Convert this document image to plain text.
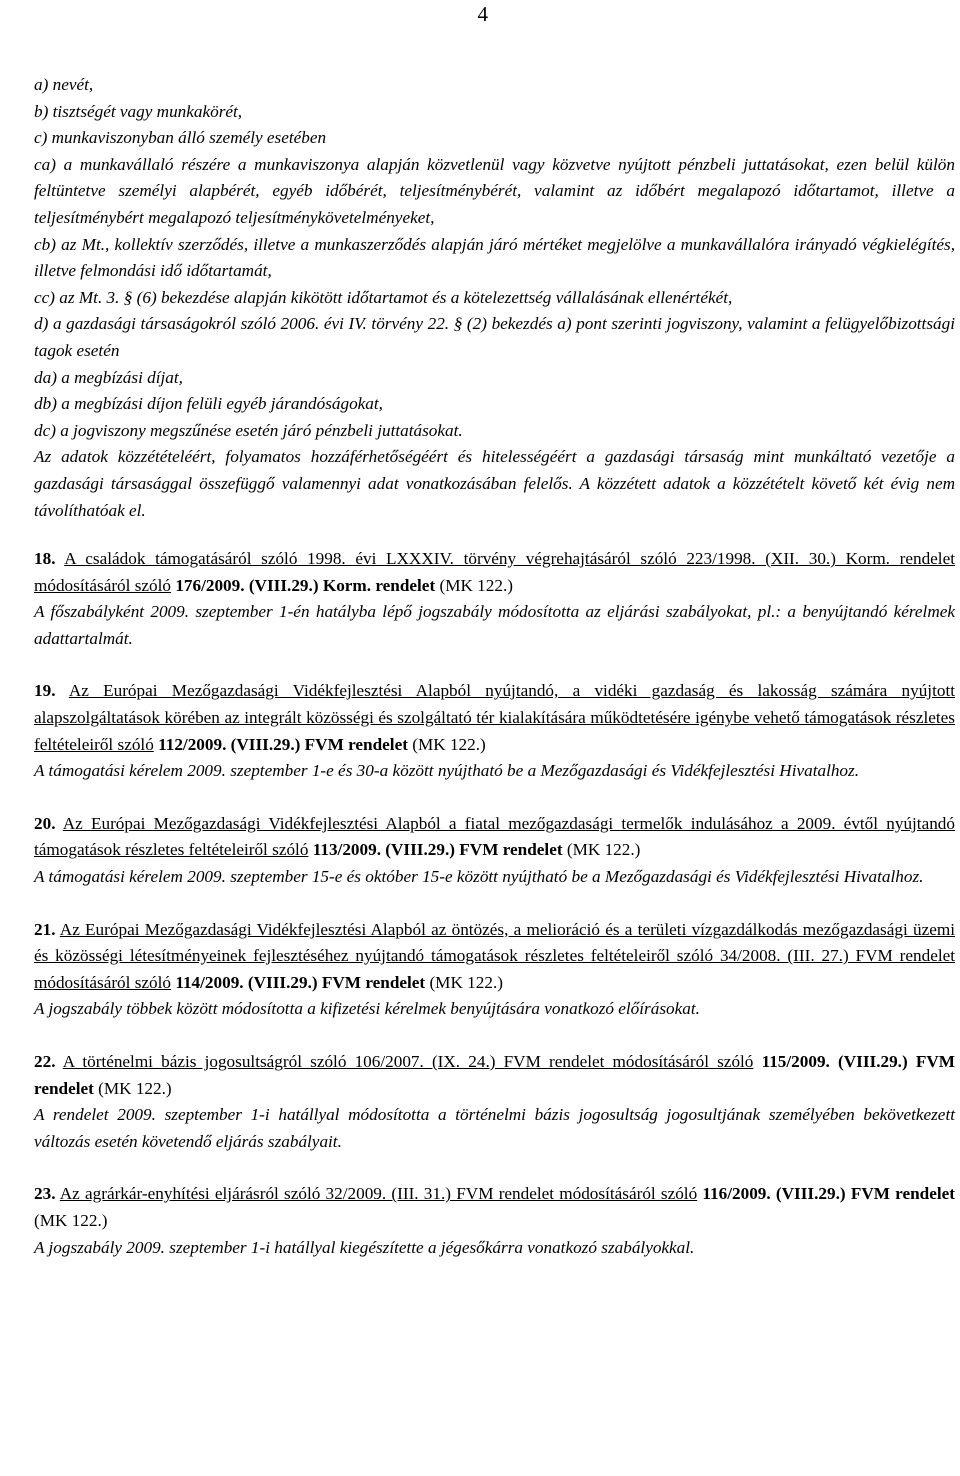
4

a) nevét,

b) tisztségét vagy munkakörét,

c) munkaviszonyban álló személy esetében

ca) a munkavállaló részére a munkaviszonya alapján közvetlenül vagy közvetve nyújtott pénzbeli juttatásokat, ezen belül külön feltüntetve személyi alapbérét, egyéb időbérét, teljesítménybérét, valamint az időbért megalapozó időtartamot, illetve a teljesítménybért megalapozó teljesítménykövetelményeket,

cb) az Mt., kollektív szerződés, illetve a munkaszerződés alapján járó mértéket megjelölve a munkavállalóra irányadó végkielégítés, illetve felmondási idő időtartamát,

cc) az Mt. 3. § (6) bekezdése alapján kikötött időtartamot és a kötelezettség vállalásának ellenértékét,

d) a gazdasági társaságokról szóló 2006. évi IV. törvény 22. § (2) bekezdés a) pont szerinti jogviszony, valamint a felügyelőbizottsági tagok esetén

da) a megbízási díjat,

db) a megbízási díjon felüli egyéb járandóságokat,

dc) a jogviszony megszűnése esetén járó pénzbeli juttatásokat.

Az adatok közzétételéért, folyamatos hozzáférhetőségéért és hitelességéért a gazdasági társaság mint munkáltató vezetője a gazdasági társasággal összefüggő valamennyi adat vonatkozásában felelős. A közzétett adatok a közzétételt követő két évig nem távolíthatóak el.

18. A családok támogatásáról szóló 1998. évi LXXXIV. törvény végrehajtásáról szóló 223/1998. (XII. 30.) Korm. rendelet módosításáról szóló 176/2009. (VIII.29.) Korm. rendelet (MK 122.)

A főszabályként 2009. szeptember 1-én hatályba lépő jogszabály módosította az eljárási szabályokat, pl.: a benyújtandó kérelmek adattartalmát.

19. Az Európai Mezőgazdasági Vidékfejlesztési Alapból nyújtandó, a vidéki gazdaság és lakosság számára nyújtott alapszolgáltatások körében az integrált közösségi és szolgáltató tér kialakítására működtetésére igénybe vehető támogatások részletes feltételeiről szóló 112/2009. (VIII.29.) FVM rendelet (MK 122.)

A támogatási kérelem 2009. szeptember 1-e és 30-a között nyújtható be a Mezőgazdasági és Vidékfejlesztési Hivatalhoz.

20. Az Európai Mezőgazdasági Vidékfejlesztési Alapból a fiatal mezőgazdasági termelők indulásához a 2009. évtől nyújtandó támogatások részletes feltételeiről szóló 113/2009. (VIII.29.) FVM rendelet (MK 122.)

A támogatási kérelem 2009. szeptember 15-e és október 15-e között nyújtható be a Mezőgazdasági és Vidékfejlesztési Hivatalhoz.

21. Az Európai Mezőgazdasági Vidékfejlesztési Alapból az öntözés, a melioráció és a területi vízgazdálkodás mezőgazdasági üzemi és közösségi létesítményeinek fejlesztéséhez nyújtandó támogatások részletes feltételeiről szóló 34/2008. (III. 27.) FVM rendelet módosításáról szóló 114/2009. (VIII.29.) FVM rendelet (MK 122.)

A jogszabály többek között módosította a kifizetési kérelmek benyújtására vonatkozó előírásokat.

22. A történelmi bázis jogosultságról szóló 106/2007. (IX. 24.) FVM rendelet módosításáról szóló 115/2009. (VIII.29.) FVM rendelet (MK 122.)

A rendelet 2009. szeptember 1-i hatállyal módosította a történelmi bázis jogosultság jogosultjának személyében bekövetkezett változás esetén követendő eljárás szabályait.

23. Az agrárkár-enyhítési eljárásról szóló 32/2009. (III. 31.) FVM rendelet módosításáról szóló 116/2009. (VIII.29.) FVM rendelet (MK 122.)

A jogszabály 2009. szeptember 1-i hatállyal kiegészítette a jégesőkárra vonatkozó szabályokkal.
